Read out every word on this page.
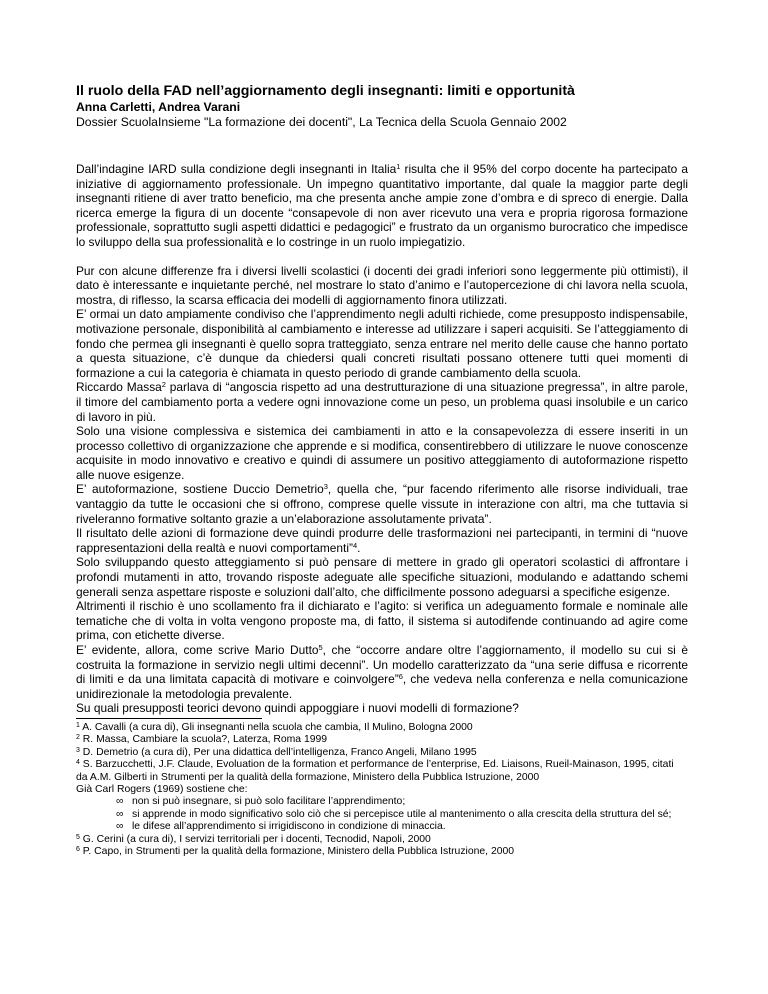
Il ruolo della FAD nell’aggiornamento degli insegnanti: limiti e opportunità
Anna Carletti, Andrea Varani
Dossier ScuolaInsieme "La formazione dei docenti", La Tecnica della Scuola Gennaio 2002

Dall’indagine IARD sulla condizione degli insegnanti in Italia$^1$ risulta che il 95% del corpo docente ha partecipato a iniziative di aggiornamento professionale. Un impegno quantitativo importante, dal quale la maggior parte degli insegnanti ritiene di aver tratto beneficio, ma che presenta anche ampie zone d’ombra e di spreco di energie. Dalla ricerca emerge la figura di un docente “consapevole di non aver ricevuto una vera e propria rigorosa formazione professionale, soprattutto sugli aspetti didattici e pedagogici” e frustrato da un organismo burocratico che impedisce lo sviluppo della sua professionalità e lo costringe in un ruolo impiegatizio.

Pur con alcune differenze fra i diversi livelli scolastici (i docenti dei gradi inferiori sono leggermente più ottimisti), il dato è interessante e inquietante perché, nel mostrare lo stato d’animo e l’autopercezione di chi lavora nella scuola, mostra, di riflesso, la scarsa efficacia dei modelli di aggiornamento finora utilizzati.

E’ ormai un dato ampiamente condiviso che l’apprendimento negli adulti richiede, come presupposto indispensabile, motivazione personale, disponibilità al cambiamento e interesse ad utilizzare i saperi acquisiti. Se l’atteggiamento di fondo che permea gli insegnanti è quello sopra tratteggiato, senza entrare nel merito delle cause che hanno portato a questa situazione, c’è dunque da chiedersi quali concreti risultati possano ottenere tutti quei momenti di formazione a cui la categoria è chiamata in questo periodo di grande cambiamento della scuola.

Riccardo Massa$^2$ parlava di “angoscia rispetto ad una destrutturazione di una situazione pregressa”, in altre parole, il timore del cambiamento porta a vedere ogni innovazione come un peso, un problema quasi insolubile e un carico di lavoro in più.

Solo una visione complessiva e sistemica dei cambiamenti in atto e la consapevolezza di essere inseriti in un processo collettivo di organizzazione che apprende e si modifica, consentirebbero di utilizzare le nuove conoscenze acquisite in modo innovativo e creativo e quindi di assumere un positivo atteggiamento di autoformazione rispetto alle nuove esigenze.

E’ autoformazione, sostiene Duccio Demetrio$^3$, quella che, “pur facendo riferimento alle risorse individuali, trae vantaggio da tutte le occasioni che si offrono, comprese quelle vissute in interazione con altri, ma che tuttavia si riveleranno formative soltanto grazie a un’elaborazione assolutamente privata”.

Il risultato delle azioni di formazione deve quindi produrre delle trasformazioni nei partecipanti, in termini di “nuove rappresentazioni della realtà e nuovi comportamenti”$^4$.

Solo sviluppando questo atteggiamento si può pensare di mettere in grado gli operatori scolastici di affrontare i profondi mutamenti in atto, trovando risposte adeguate alle specifiche situazioni, modulando e adattando schemi generali senza aspettare risposte e soluzioni dall’alto, che difficilmente possono adeguarsi a specifiche esigenze.

Altrimenti il rischio è uno scollamento fra il dichiarato e l’agito: si verifica un adeguamento formale e nominale alle tematiche che di volta in volta vengono proposte ma, di fatto, il sistema si autodifende continuando ad agire come prima, con etichette diverse.

E’ evidente, allora, come scrive Mario Dutto$^5$, che “occorre andare oltre l’aggiornamento, il modello su cui si è costruita la formazione in servizio negli ultimi decenni”. Un modello caratterizzato da “una serie diffusa e ricorrente di limiti e da una limitata capacità di motivare e coinvolgere”$^6$, che vedeva nella conferenza e nella comunicazione unidirezionale la metodologia prevalente.

Su quali presupposti teorici devono quindi appoggiare i nuovi modelli di formazione?

$^1$ A. Cavalli (a cura di), Gli insegnanti nella scuola che cambia, Il Mulino, Bologna 2000

$^2$ R. Massa, Cambiare la scuola?, Laterza, Roma 1999

$^3$ D. Demetrio (a cura di), Per una didattica dell’intelligenza, Franco Angeli, Milano 1995

$^4$ S. Barzucchetti, J.F. Claude, Evoluation de la formation et performance de l’enterprise, Ed. Liaisons, Rueil-Mainason, 1995, citati da A.M. Gilberti in Strumenti per la qualità della formazione, Ministero della Pubblica Istruzione, 2000

Già Carl Rogers (1969) sostiene che:

∞ non si può insegnare, si può solo facilitare l’apprendimento;
∞ si apprende in modo significativo solo ciò che si percepisce utile al mantenimento o alla crescita della struttura del sé;
∞ le difese all’apprendimento si irrigidiscono in condizione di minaccia.

$^5$ G. Cerini (a cura di), I servizi territoriali per i docenti, Tecnodid, Napoli, 2000

$^6$ P. Capo, in Strumenti per la qualità della formazione, Ministero della Pubblica Istruzione, 2000
